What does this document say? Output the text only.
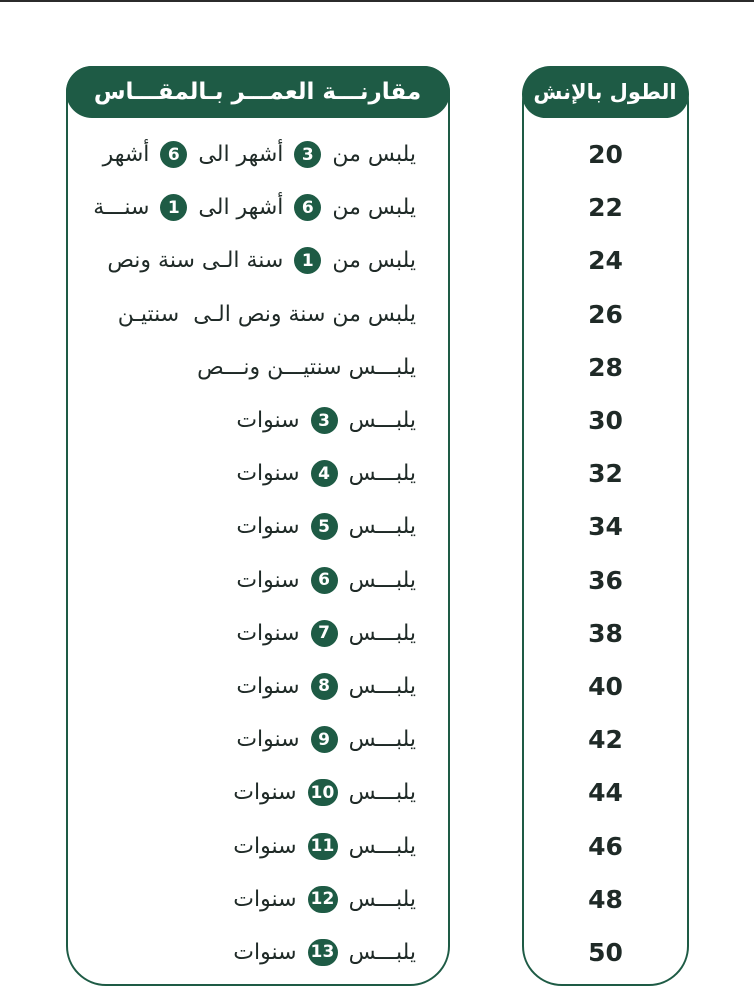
مقارنـــة العمـــر بـالمقـــاس
يلبس من
3
أشهر الى
6
أشهر
يلبس من
6
أشهر الى
1
سنـــة
يلبس من
1
سنة الـى سنة ونص
يلبس من سنة ونص الـى  سنتيـن
يلبـــس سنتيـــن ونـــص
يلبـــس
3
سنوات
يلبـــس
4
سنوات
يلبـــس
5
سنوات
يلبـــس
6
سنوات
يلبـــس
7
سنوات
يلبـــس
8
سنوات
يلبـــس
9
سنوات
يلبـــس
10
سنوات
يلبـــس
11
سنوات
يلبـــس
12
سنوات
يلبـــس
13
سنوات
الطول بالإنش
20
22
24
26
28
30
32
34
36
38
40
42
44
46
48
50
